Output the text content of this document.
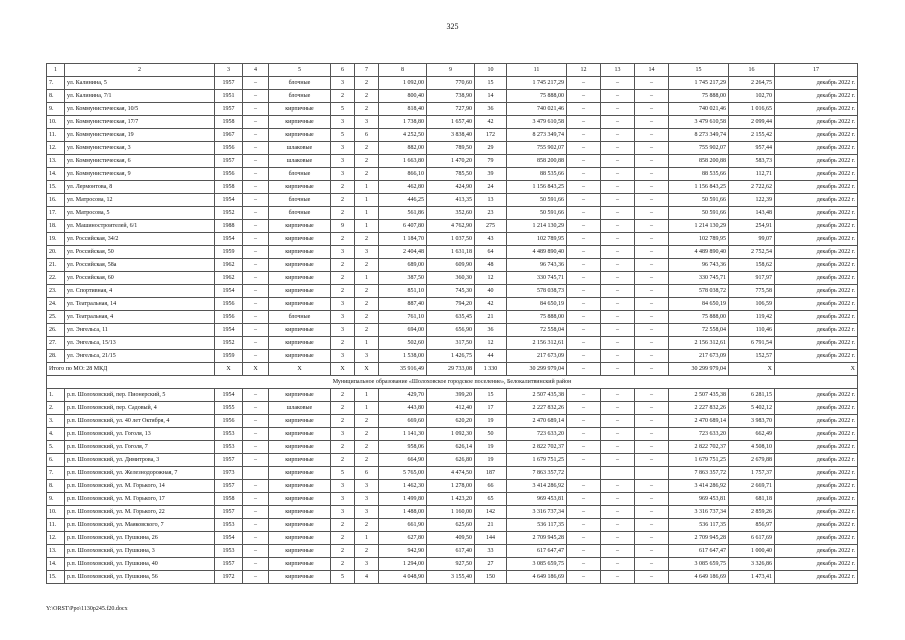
325
1	2	3	4	5	6	7	8	9	10	11	12	13	14	15	16	17
7.	ул. Калинина, 5	1957	–	блочные	3	2	1 092,00	770,60	15	1 745 217,29	–	–	–	1 745 217,29	2 264,75	декабрь 2022 г.
8.	ул. Калинина, 7/1	1951	–	блочные	2	2	800,40	738,90	14	75 888,00	–	–	–	75 888,00	102,70	декабрь 2022 г.
9.	ул. Коммунистическая, 10/5	1957	–	кирпичные	5	2	818,40	727,90	36	740 021,46	–	–	–	740 021,46	1 016,65	декабрь 2022 г.
10.	ул. Коммунистическая, 17/7	1958	–	кирпичные	3	3	1 738,80	1 657,40	42	3 479 610,58	–	–	–	3 479 610,58	2 099,44	декабрь 2022 г.
11.	ул. Коммунистическая, 19	1967	–	кирпичные	5	6	4 252,50	3 838,40	172	8 273 349,74	–	–	–	8 273 349,74	2 155,42	декабрь 2022 г.
12.	ул. Коммунистическая, 3	1956	–	шлаковые	3	2	882,00	789,50	29	755 902,07	–	–	–	755 902,07	957,44	декабрь 2022 г.
13.	ул. Коммунистическая, 6	1957	–	шлаковые	3	2	1 663,80	1 470,20	79	858 200,88	–	–	–	858 200,88	583,73	декабрь 2022 г.
14.	ул. Коммунистическая, 9	1956	–	блочные	3	2	866,10	785,50	39	88 535,66	–	–	–	88 535,66	112,71	декабрь 2022 г.
15.	ул. Лермонтова, 8	1958	–	кирпичные	2	1	462,80	424,90	24	1 156 843,25	–	–	–	1 156 843,25	2 722,62	декабрь 2022 г.
16.	ул. Матросова, 12	1954	–	блочные	2	1	446,25	413,35	13	50 591,66	–	–	–	50 591,66	122,39	декабрь 2022 г.
17.	ул. Матросова, 5	1952	–	блочные	2	1	561,86	352,60	23	50 591,66	–	–	–	50 591,66	143,48	декабрь 2022 г.
18.	ул. Машиностроителей, 6/1	1988	–	кирпичные	9	1	6 407,80	4 762,90	275	1 214 130,29	–	–	–	1 214 130,29	254,91	декабрь 2022 г.
19.	ул. Российская, 34/2	1954	–	кирпичные	2	2	1 184,70	1 037,50	43	102 789,95	–	–	–	102 789,95	99,07	декабрь 2022 г.
20.	ул. Российская, 50	1959	–	кирпичные	3	3	2 404,48	1 631,18	64	4 489 890,40	–	–	–	4 489 890,40	2 752,54	декабрь 2022 г.
21.	ул. Российская, 58а	1962	–	кирпичные	2	2	689,00	609,90	48	96 743,36	–	–	–	96 743,36	158,62	декабрь 2022 г.
22.	ул. Российская, 60	1962	–	кирпичные	2	1	387,50	360,30	12	330 745,71	–	–	–	330 745,71	917,97	декабрь 2022 г.
23.	ул. Спортивная, 4	1954	–	кирпичные	2	2	851,10	745,30	40	578 038,73	–	–	–	578 038,72	775,58	декабрь 2022 г.
24.	ул. Театральная, 14	1956	–	кирпичные	3	2	887,40	794,20	42	84 650,19	–	–	–	84 650,19	106,59	декабрь 2022 г.
25.	ул. Театральная, 4	1956	–	блочные	3	2	761,10	635,45	21	75 888,00	–	–	–	75 888,00	119,42	декабрь 2022 г.
26.	ул. Энгельса, 11	1954	–	кирпичные	3	2	694,00	656,90	36	72 558,04	–	–	–	72 558,04	110,46	декабрь 2022 г.
27.	ул. Энгельса, 15/13	1952	–	кирпичные	2	1	502,60	317,50	12	2 156 312,61	–	–	–	2 156 312,61	6 791,54	декабрь 2022 г.
28.	ул. Энгельса, 21/15	1959	–	кирпичные	3	3	1 538,00	1 426,75	44	217 673,09	–	–	–	217 673,09	152,57	декабрь 2022 г.
Итого по МО: 28 МКД		X	X	X	X	X	35 916,49	29 733,08	1 330	30 299 979,04	–	–	–	30 299 979,04	X	X
Муниципальное образование «Шолоховское городское поселение», Белокалитвинский район																
1.	р.п. Шолоховский, пер. Пионерский, 5	1954	–	кирпичные	2	1	429,70	399,20	15	2 507 435,38	–	–	–	2 507 435,38	6 281,15	декабрь 2022 г.
2.	р.п. Шолоховский, пер. Садовый, 4	1955	–	шлаковые	2	1	443,80	412,40	17	2 227 832,26	–	–	–	2 227 832,26	5 402,12	декабрь 2022 г.
3.	р.п. Шолоховский, ул. 40 лет Октября, 4	1956	–	кирпичные	2	2	669,60	620,20	19	2 470 689,14	–	–	–	2 470 689,14	3 983,70	декабрь 2022 г.
4.	р.п. Шолоховский, ул. Гоголя, 13	1953	–	кирпичные	3	2	1 141,30	1 092,30	50	723 633,20	–	–	–	723 633,20	662,49	декабрь 2022 г.
5.	р.п. Шолоховский, ул. Гоголя, 7	1953	–	кирпичные	2	2	958,06	626,14	19	2 822 702,37	–	–	–	2 822 702,37	4 508,10	декабрь 2022 г.
6.	р.п. Шолоховский, ул. Димитрова, 3	1957	–	кирпичные	2	2	664,90	626,80	19	1 679 751,25	–	–	–	1 679 751,25	2 679,88	декабрь 2022 г.
7.	р.п. Шолоховский, ул. Железнодорожная, 7	1973		кирпичные	5	6	5 765,00	4 474,50	187	7 863 357,72				7 863 357,72	1 757,37	декабрь 2022 г.
8.	р.п. Шолоховский, ул. М. Горького, 14	1957	–	кирпичные	3	3	1 462,30	1 278,00	66	3 414 286,92	–	–	–	3 414 286,92	2 669,71	декабрь 2022 г.
9.	р.п. Шолоховский, ул. М. Горького, 17	1958	–	кирпичные	3	3	1 499,80	1 423,20	65	969 453,81	–	–	–	969 453,81	681,18	декабрь 2022 г.
10.	р.п. Шолоховский, ул. М. Горького, 22	1957	–	кирпичные	3	3	1 488,00	1 160,00	142	3 316 737,34	–	–	–	3 316 737,34	2 859,26	декабрь 2022 г.
11.	р.п. Шолоховский, ул. Маяковского, 7	1953	–	кирпичные	2	2	661,90	625,60	21	536 117,35	–	–	–	536 117,35	856,97	декабрь 2022 г.
12.	р.п. Шолоховский, ул. Пушкина, 26	1954	–	кирпичные	2	1	627,80	409,50	144	2 709 945,28	–	–	–	2 709 945,28	6 617,69	декабрь 2022 г.
13.	р.п. Шолоховский, ул. Пушкина, 3	1953	–	кирпичные	2	2	942,90	617,40	33	617 647,47	–	–	–	617 647,47	1 000,40	декабрь 2022 г.
14.	р.п. Шолоховский, ул. Пушкина, 40	1957	–	кирпичные	2	3	1 294,00	927,50	27	3 085 659,75	–	–	–	3 085 659,75	3 326,86	декабрь 2022 г.
15.	р.п. Шолоховский, ул. Пушкина, 56	1972	–	кирпичные	5	4	4 048,90	3 155,40	150	4 649 186,69	–	–	–	4 649 186,69	1 473,41	декабрь 2022 г.
Y:\ORST\Ppo\1130p245.f20.docx
